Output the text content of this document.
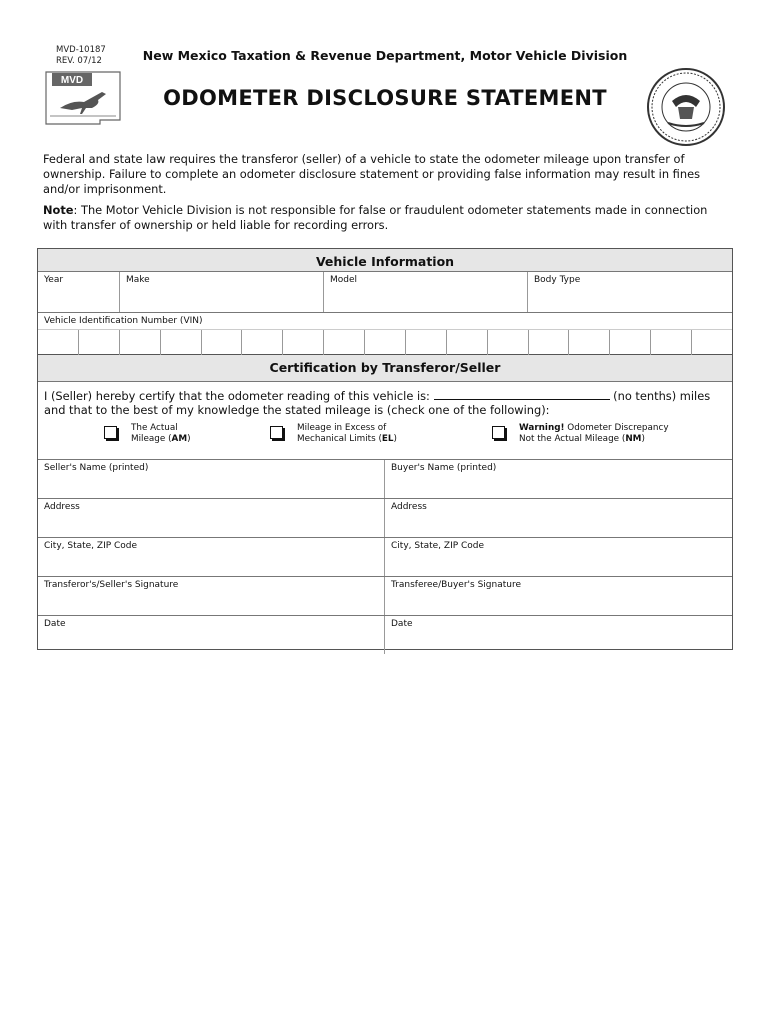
MVD-10187
REV. 07/12
MVD
New Mexico Taxation & Revenue Department, Motor Vehicle Division
ODOMETER DISCLOSURE STATEMENT
Federal and state law requires the transferor (seller) of a vehicle to state the odometer mileage upon transfer of ownership. Failure to complete an odometer disclosure statement or providing false information may result in fines and/or imprisonment.
Note: The Motor Vehicle Division is not responsible for false or fraudulent odometer statements made in connection with transfer of ownership or held liable for recording errors.
Vehicle Information
Year	Make	Model	Body Type
Vehicle Identification Number (VIN)
Certification by Transferor/Seller
I (Seller) hereby certify that the odometer reading of this vehicle is:	(no tenths) miles
and that to the best of my knowledge the stated mileage is (check one of the following):
The Actual
Mileage (AM)
Mileage in Excess of
Mechanical Limits (EL)
Warning! Odometer Discrepancy
Not the Actual Mileage (NM)
Seller's Name (printed)	Buyer's Name (printed)
Address	Address
City, State, ZIP Code	City, State, ZIP Code
Transferor's/Seller's Signature	Transferee/Buyer's Signature
Date	Date
